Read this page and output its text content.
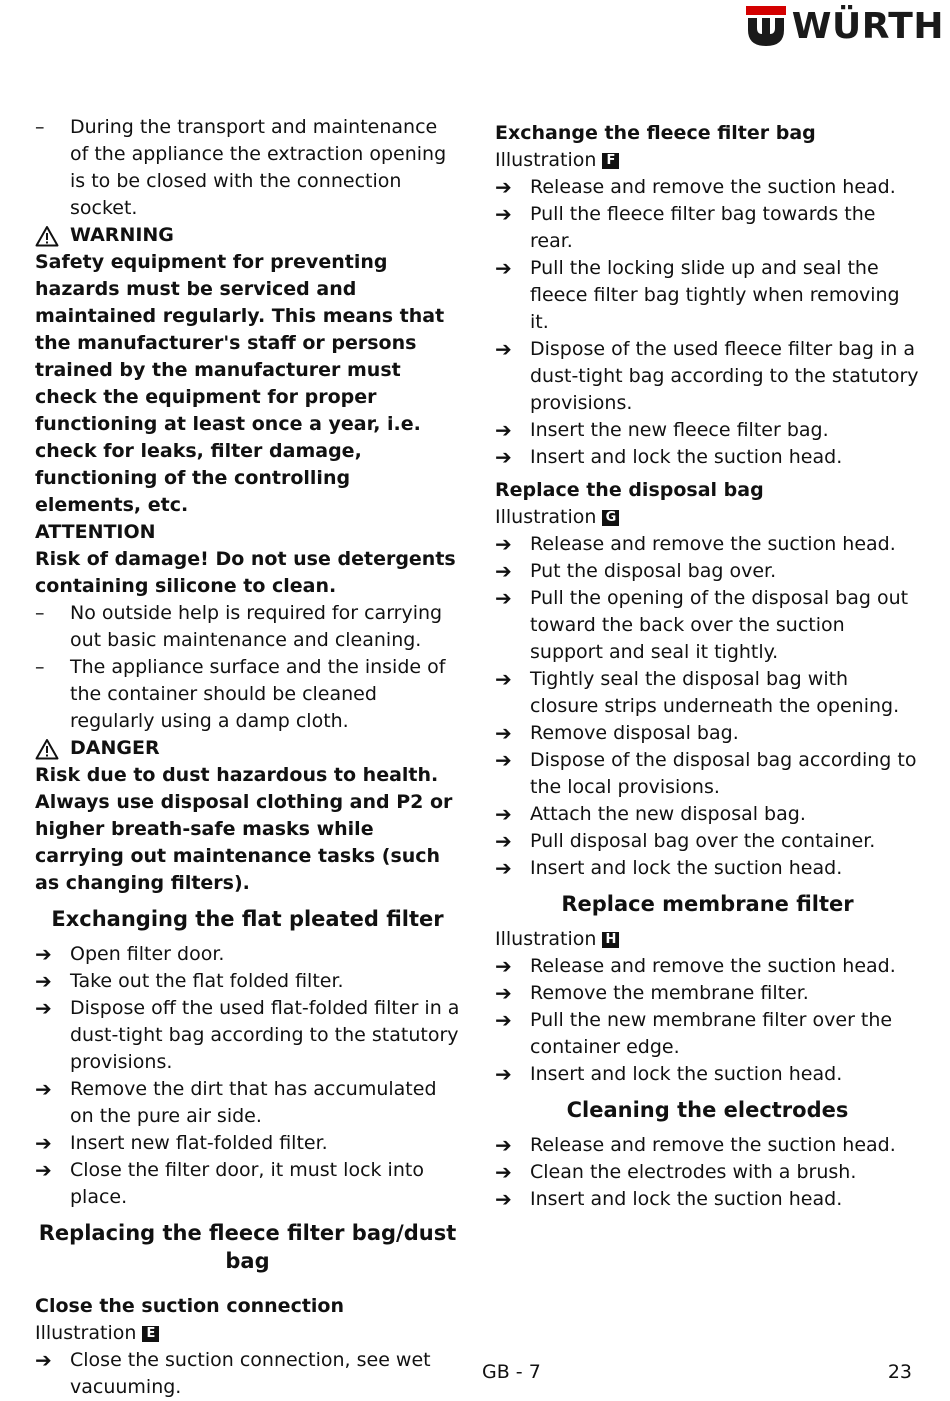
WÜRTH
–	During the transport and maintenance of the appliance the extraction opening is to be closed with the connection socket.
WARNING
Safety equipment for preventing hazards must be serviced and maintained regularly. This means that the manufacturer's staff or persons trained by the manufacturer must check the equipment for proper functioning at least once a year, i.e. check for leaks, filter damage, functioning of the controlling elements, etc.
ATTENTION
Risk of damage! Do not use detergents containing silicone to clean.
–	No outside help is required for carrying out basic maintenance and cleaning.
–	The appliance surface and the inside of the container should be cleaned regularly using a damp cloth.
DANGER
Risk due to dust hazardous to health. Always use disposal clothing and P2 or higher breath-safe masks while carrying out maintenance tasks (such as changing filters).
Exchanging the flat pleated filter
➔ Open filter door.
➔ Take out the flat folded filter.
➔ Dispose off the used flat-folded filter in a dust-tight bag according to the statutory provisions.
➔ Remove the dirt that has accumulated on the pure air side.
➔ Insert new flat-folded filter.
➔ Close the filter door, it must lock into place.
Replacing the fleece filter bag/dust bag
Close the suction connection
Illustration E
➔ Close the suction connection, see wet vacuuming.
Exchange the fleece filter bag
Illustration F
➔ Release and remove the suction head.
➔ Pull the fleece filter bag towards the rear.
➔ Pull the locking slide up and seal the fleece filter bag tightly when removing it.
➔ Dispose of the used fleece filter bag in a dust-tight bag according to the statutory provisions.
➔ Insert the new fleece filter bag.
➔ Insert and lock the suction head.
Replace the disposal bag
Illustration G
➔ Release and remove the suction head.
➔ Put the disposal bag over.
➔ Pull the opening of the disposal bag out toward the back over the suction support and seal it tightly.
➔ Tightly seal the disposal bag with closure strips underneath the opening.
➔ Remove disposal bag.
➔ Dispose of the disposal bag according to the local provisions.
➔ Attach the new disposal bag.
➔ Pull disposal bag over the container.
➔ Insert and lock the suction head.
Replace membrane filter
Illustration H
➔ Release and remove the suction head.
➔ Remove the membrane filter.
➔ Pull the new membrane filter over the container edge.
➔ Insert and lock the suction head.
Cleaning the electrodes
➔ Release and remove the suction head.
➔ Clean the electrodes with a brush.
➔ Insert and lock the suction head.
GB - 7	23
